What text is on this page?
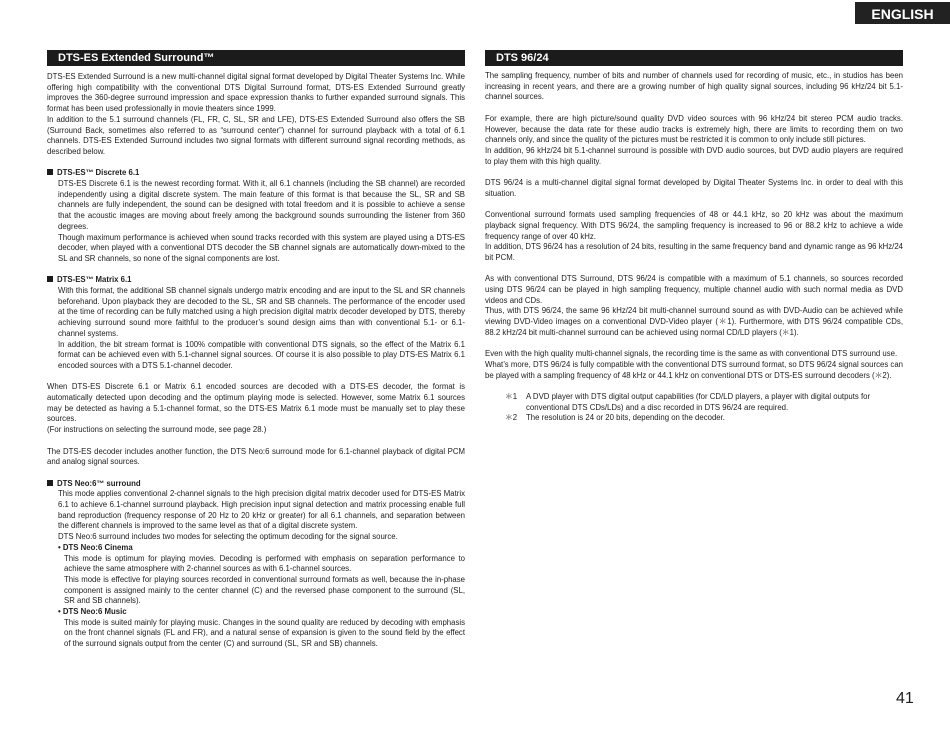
ENGLISH
DTS-ES Extended Surround™

DTS-ES Extended Surround is a new multi-channel digital signal format developed by Digital Theater Systems Inc. While offering high compatibility with the conventional DTS Digital Surround format, DTS-ES Extended Surround greatly improves the 360-degree surround impression and space expression thanks to further expanded surround signals. This format has been used professionally in movie theaters since 1999.

In addition to the 5.1 surround channels (FL, FR, C, SL, SR and LFE), DTS-ES Extended Surround also offers the SB (Surround Back, sometimes also referred to as “surround center”) channel for surround playback with a total of 6.1 channels. DTS-ES Extended Surround includes two signal formats with different surround signal recording methods, as described below.

DTS-ES™ Discrete 6.1

DTS-ES Discrete 6.1 is the newest recording format. With it, all 6.1 channels (including the SB channel) are recorded independently using a digital discrete system. The main feature of this format is that because the SL, SR and SB channels are fully independent, the sound can be designed with total freedom and it is possible to achieve a sense that the acoustic images are moving about freely among the background sounds surrounding the listener from 360 degrees.

Though maximum performance is achieved when sound tracks recorded with this system are played using a DTS-ES decoder, when played with a conventional DTS decoder the SB channel signals are automatically down-mixed to the SL and SR channels, so none of the signal components are lost.

DTS-ES™ Matrix 6.1

With this format, the additional SB channel signals undergo matrix encoding and are input to the SL and SR channels beforehand. Upon playback they are decoded to the SL, SR and SB channels. The performance of the encoder used at the time of recording can be fully matched using a high precision digital matrix decoder developed by DTS, thereby achieving surround sound more faithful to the producer’s sound design aims than with conventional 5.1- or 6.1-channel systems.

In addition, the bit stream format is 100% compatible with conventional DTS signals, so the effect of the Matrix 6.1 format can be achieved even with 5.1-channel signal sources. Of course it is also possible to play DTS-ES Matrix 6.1 encoded sources with a DTS 5.1-channel decoder.

When DTS-ES Discrete 6.1 or Matrix 6.1 encoded sources are decoded with a DTS-ES decoder, the format is automatically detected upon decoding and the optimum playing mode is selected. However, some Matrix 6.1 sources may be detected as having a 5.1-channel format, so the DTS-ES Matrix 6.1 mode must be manually set to play these sources.

(For instructions on selecting the surround mode, see page 28.)

The DTS-ES decoder includes another function, the DTS Neo:6 surround mode for 6.1-channel playback of digital PCM and analog signal sources.

DTS Neo:6™ surround

This mode applies conventional 2-channel signals to the high precision digital matrix decoder used for DTS-ES Matrix 6.1 to achieve 6.1-channel surround playback. High precision input signal detection and matrix processing enable full band reproduction (frequency response of 20 Hz to 20 kHz or greater) for all 6.1 channels, and separation between the different channels is improved to the same level as that of a digital discrete system.

DTS Neo:6 surround includes two modes for selecting the optimum decoding for the signal source.

• DTS Neo:6 Cinema

This mode is optimum for playing movies. Decoding is performed with emphasis on separation performance to achieve the same atmosphere with 2-channel sources as with 6.1-channel sources.

This mode is effective for playing sources recorded in conventional surround formats as well, because the in-phase component is assigned mainly to the center channel (C) and the reversed phase component to the surround (SL, SR and SB channels).

• DTS Neo:6 Music

This mode is suited mainly for playing music. Changes in the sound quality are reduced by decoding with emphasis on the front channel signals (FL and FR), and a natural sense of expansion is given to the sound field by the effect of the surround signals output from the center (C) and surround (SL, SR and SB) channels.

DTS 96/24

The sampling frequency, number of bits and number of channels used for recording of music, etc., in studios has been increasing in recent years, and there are a growing number of high quality signal sources, including 96 kHz/24 bit 5.1-channel sources.

For example, there are high picture/sound quality DVD video sources with 96 kHz/24 bit stereo PCM audio tracks. However, because the data rate for these audio tracks is extremely high, there are limits to recording them on two channels only, and since the quality of the pictures must be restricted it is common to only include still pictures.

In addition, 96 kHz/24 bit 5.1-channel surround is possible with DVD audio sources, but DVD audio players are required to play them with this high quality.

DTS 96/24 is a multi-channel digital signal format developed by Digital Theater Systems Inc. in order to deal with this situation.

Conventional surround formats used sampling frequencies of 48 or 44.1 kHz, so 20 kHz was about the maximum playback signal frequency. With DTS 96/24, the sampling frequency is increased to 96 or 88.2 kHz to achieve a wide frequency range of over 40 kHz.

In addition, DTS 96/24 has a resolution of 24 bits, resulting in the same frequency band and dynamic range as 96 kHz/24 bit PCM.

As with conventional DTS Surround, DTS 96/24 is compatible with a maximum of 5.1 channels, so sources recorded using DTS 96/24 can be played in high sampling frequency, multiple channel audio with such normal media as DVD videos and CDs.

Thus, with DTS 96/24, the same 96 kHz/24 bit multi-channel surround sound as with DVD-Audio can be achieved while viewing DVD-Video images on a conventional DVD-Video player (＊1). Furthermore, with DTS 96/24 compatible CDs, 88.2 kHz/24 bit multi-channel surround can be achieved using normal CD/LD players (＊1).

Even with the high quality multi-channel signals, the recording time is the same as with conventional DTS surround use.

What’s more, DTS 96/24 is fully compatible with the conventional DTS surround format, so DTS 96/24 signal sources can be played with a sampling frequency of 48 kHz or 44.1 kHz on conventional DTS or DTS-ES surround decoders (＊2).

＊1 A DVD player with DTS digital output capabilities (for CD/LD players, a player with digital outputs for conventional DTS CDs/LDs) and a disc recorded in DTS 96/24 are required.

＊2 The resolution is 24 or 20 bits, depending on the decoder.

41
